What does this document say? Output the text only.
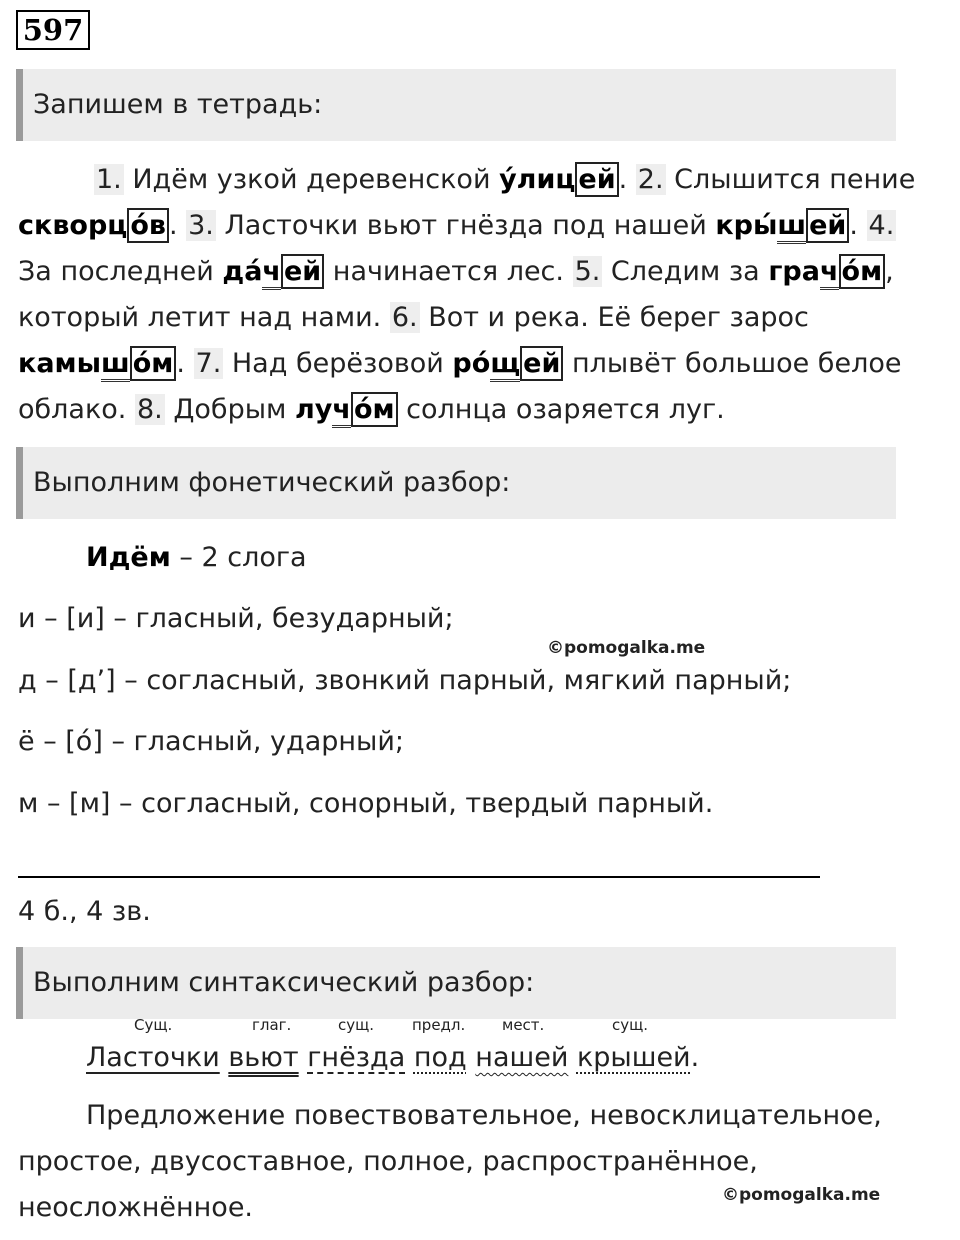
597
Запишем в тетрадь:
1. Идём узкой деревенской у́лиц ей . 2. Слышится пение скворц о́в . 3. Ласточки вьют гнёзда под нашей кры́ш ей . 4. За последней да́ч ей начинается лес. 5. Следим за грач о́м , который летит над нами. 6. Вот и река. Её берег зарос камыш о́м . 7. Над берёзовой ро́щ ей плывёт большое белое облако. 8. Добрым луч о́м солнца озаряется луг.
Выполним фонетический разбор:
Идём – 2 слога
и – [и] – гласный, безударный;
©pomogalka.me
д – [д’] – согласный, звонкий парный, мягкий парный;
ё – [о́] – гласный, ударный;
м – [м] – согласный, сонорный, твердый парный.
4 б., 4 зв.
Выполним синтаксический разбор:
Сущ.	глаг.	сущ.	предл. мест.	сущ.
Ласточки вьют гнёзда под нашей крышей.
Предложение повествовательное, невосклицательное, простое, двусоставное, полное, распространённое, неосложнённое.	©pomogalka.me
